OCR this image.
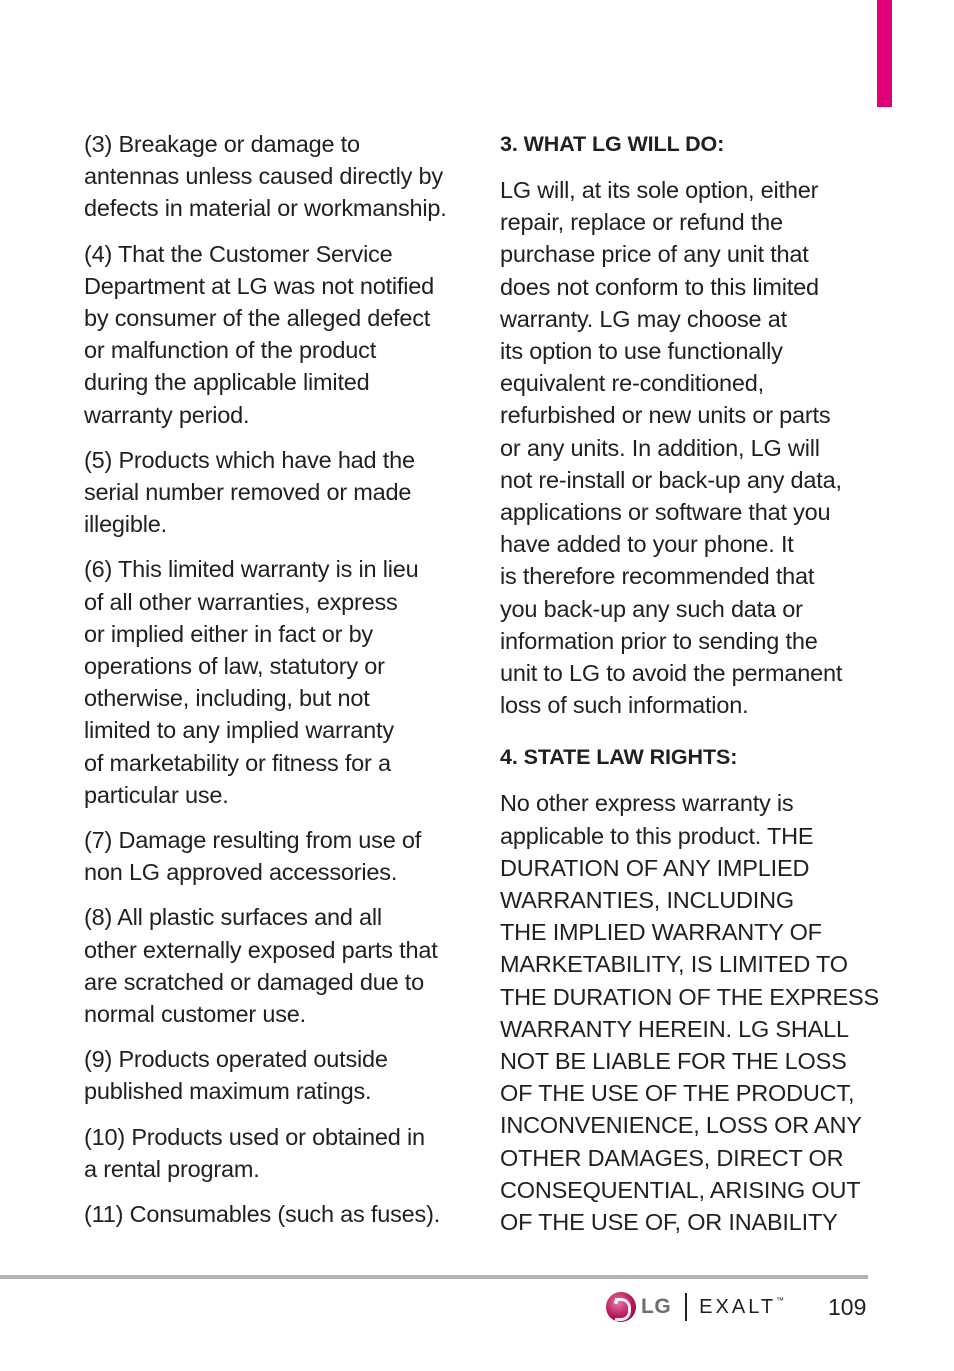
(3) Breakage or damage to
antennas unless caused directly by
defects in material or workmanship.

(4) That the Customer Service
Department at LG was not notified
by consumer of the alleged defect
or malfunction of the product
during the applicable limited
warranty period.

(5) Products which have had the
serial number removed or made
illegible.

(6) This limited warranty is in lieu
of all other warranties, express
or implied either in fact or by
operations of law, statutory or
otherwise, including, but not
limited to any implied warranty
of marketability or fitness for a
particular use.

(7) Damage resulting from use of
non LG approved accessories.

(8) All plastic surfaces and all
other externally exposed parts that
are scratched or damaged due to
normal customer use.

(9) Products operated outside
published maximum ratings.

(10) Products used or obtained in
a rental program.

(11) Consumables (such as fuses).

3. WHAT LG WILL DO:

LG will, at its sole option, either
repair, replace or refund the
purchase price of any unit that
does not conform to this limited
warranty. LG may choose at
its option to use functionally
equivalent re-conditioned,
refurbished or new units or parts
or any units. In addition, LG will
not re-install or back-up any data,
applications or software that you
have added to your phone. It
is therefore recommended that
you back-up any such data or
information prior to sending the
unit to LG to avoid the permanent
loss of such information.

4. STATE LAW RIGHTS:

No other express warranty is
applicable to this product. THE
DURATION OF ANY IMPLIED
WARRANTIES, INCLUDING
THE IMPLIED WARRANTY OF
MARKETABILITY, IS LIMITED TO
THE DURATION OF THE EXPRESS
WARRANTY HEREIN. LG SHALL
NOT BE LIABLE FOR THE LOSS
OF THE USE OF THE PRODUCT,
INCONVENIENCE, LOSS OR ANY
OTHER DAMAGES, DIRECT OR
CONSEQUENTIAL, ARISING OUT
OF THE USE OF, OR INABILITY

LG EXALT™ 109
